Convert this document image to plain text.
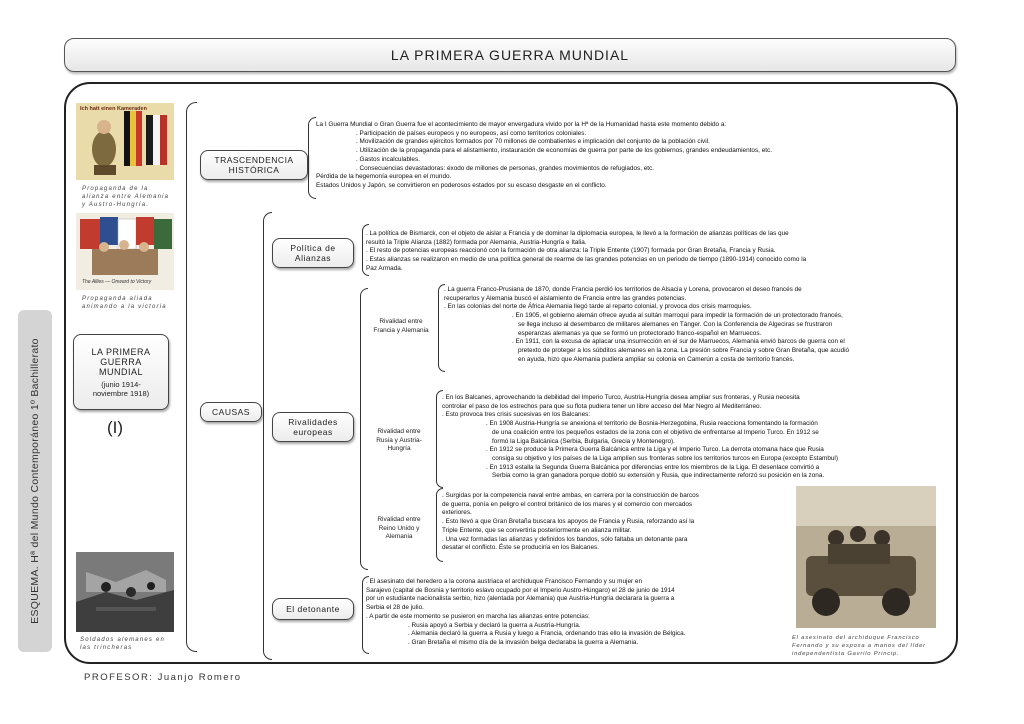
LA PRIMERA GUERRA MUNDIAL
ESQUEMA. Hª del Mundo Contemporáneo 1º Bachillerato
Ich hatt einen Kameraden
Propaganda de la alianza entre Alemania y Austro-Hungría.
The Allies — Onward to Victory
Propaganda aliada animando a la victoria
Soldados alemanes en las trincheras
El asesinato del archiduque Francisco Fernando y su esposa a manos del líder independentista Gavrilo Princip.
LA PRIMERA
GUERRA
MUNDIAL
(junio 1914-
noviembre 1918)
(I)
TRASCENDENCIA
HISTÓRICA

La I Guerra Mundial o Gran Guerra fue el acontecimiento de mayor envergadura vivido por la Hª de la Humanidad hasta este momento debido a:

. Participación de países europeos y no europeos, así como territorios coloniales.

. Movilización de grandes ejércitos formados por 70 millones de combatientes e implicación del conjunto de la población civil.

. Utilización de la propaganda para el alistamiento, instauración de economías de guerra por parte de los gobiernos, grandes endeudamientos, etc.

. Gastos incalculables.

. Consecuencias devastadoras: éxodo de millones de personas, grandes movimientos de refugiados, etc.

Pérdida de la hegemonía europea en el mundo.

Estados Unidos y Japón, se convirtieron en poderosos estados por su escaso desgaste en el conflicto.

CAUSAS
Política de
Alianzas

. La política de Bismarck, con el objeto de aislar a Francia y de dominar la diplomacia europea, le llevó a la formación de alianzas políticas de las que

resultó la Triple Alianza (1882) formada por Alemania, Austria-Hungría e Italia.

. El resto de potencias europeas reaccionó con la formación de otra alianza: la Triple Entente (1907) formada por Gran Bretaña, Francia y Rusia.

. Estas alianzas se realizaron en medio de una política general de rearme de las grandes potencias en un periodo de tiempo (1890-1914) conocido como la

Paz Armada.

Rivalidades
europeas
Rivalidad entre
Francia y Alemania

. La guerra Franco-Prusiana de 1870, donde Francia perdió los territorios de Alsacia y Lorena, provocaron el deseo francés de

recuperarlos y Alemania buscó el aislamiento de Francia entre las grandes potencias.

. En las colonias del norte de África Alemania llegó tarde al reparto colonial, y provoca dos crisis marroquíes.

. En 1905, el gobierno alemán ofrece ayuda al sultán marroquí para impedir la formación de un protectorado francés,

se llega incluso al desembarco de militares alemanes en Tánger. Con la Conferencia de Algeciras se frustraron

esperanzas alemanas ya que se formó un protectorado franco-español en Marruecos.

. En 1911, con la excusa de aplacar una insurrección en el sur de Marruecos, Alemania envió barcos de guerra con el

pretexto de proteger a los súbditos alemanes en la zona. La presión sobre Francia y sobre Gran Bretaña, que acudió

en ayuda, hizo que Alemania pudiera ampliar su colonia en Camerún a costa de territorio francés.

Rivalidad entre
Rusia y Austria-
Hungría

. En los Balcanes, aprovechando la debilidad del Imperio Turco, Austria-Hungría desea ampliar sus fronteras, y Rusia necesita

controlar el paso de los estrechos para que su flota pudiera tener un libre acceso del Mar Negro al Mediterráneo.

. Esto provoca tres crisis sucesivas en los Balcanes:

. En 1908 Austria-Hungría se anexiona el territorio de Bosnia-Herzegobina, Rusia reacciona fomentando la formación

de una coalición entre los pequeños estados de la zona con el objetivo de enfrentarse al Imperio Turco. En 1912 se

formó la Liga Balcánica (Serbia, Bulgaria, Grecia y Montenegro).

. En 1912 se produce la Primera Guerra Balcánica entre la Liga y el Imperio Turco. La derrota otomana hace que Rusia

consiga su objetivo y los países de la Liga amplíen sus fronteras sobre los territorios turcos en Europa (excepto Estambul)

. En 1913 estalla la Segunda Guerra Balcánica por diferencias entre los miembros de la Liga. El desenlace convirtió a

Serbia como la gran ganadora porque dobló su extensión y Rusia, que indirectamente reforzó su posición en la zona.

Rivalidad entre
Reino Unido y
Alemania

. Surgidas por la competencia naval entre ambas, en carrera por la construcción de barcos

de guerra, ponía en peligro el control británico de los mares y el comercio con mercados

exteriores.

. Esto llevó a que Gran Bretaña buscara los apoyos de Francia y Rusia, reforzando así la

Triple Entente, que se convertiría posteriormente en alianza militar.

. Una vez formadas las alianzas y definidos los bandos, sólo faltaba un detonante para

desatar el conflicto. Éste se produciría en los Balcanes.

El detonante

. El asesinato del heredero a la corona austriaca el archiduque Francisco Fernando y su mujer en

Sarajevo (capital de Bosnia y territorio eslavo ocupado por el Imperio Austro-Húngaro) el 28 de junio de 1914

por un estudiante nacionalista serbio, hizo (alentada por Alemania) que Austria-Hungría declarara la guerra a

Serbia el 28 de julio.

. A partir de este momento se pusieron en marcha las alianzas entre potencias:

. Rusia apoyó a Serbia y declaró la guerra a Austria-Hungría.

. Alemania declaró la guerra a Rusia y luego a Francia, ordenando tras ello la invasión de Bélgica.

. Gran Bretaña el mismo día de la invasión belga declaraba la guerra a Alemania.

PROFESOR: Juanjo Romero
